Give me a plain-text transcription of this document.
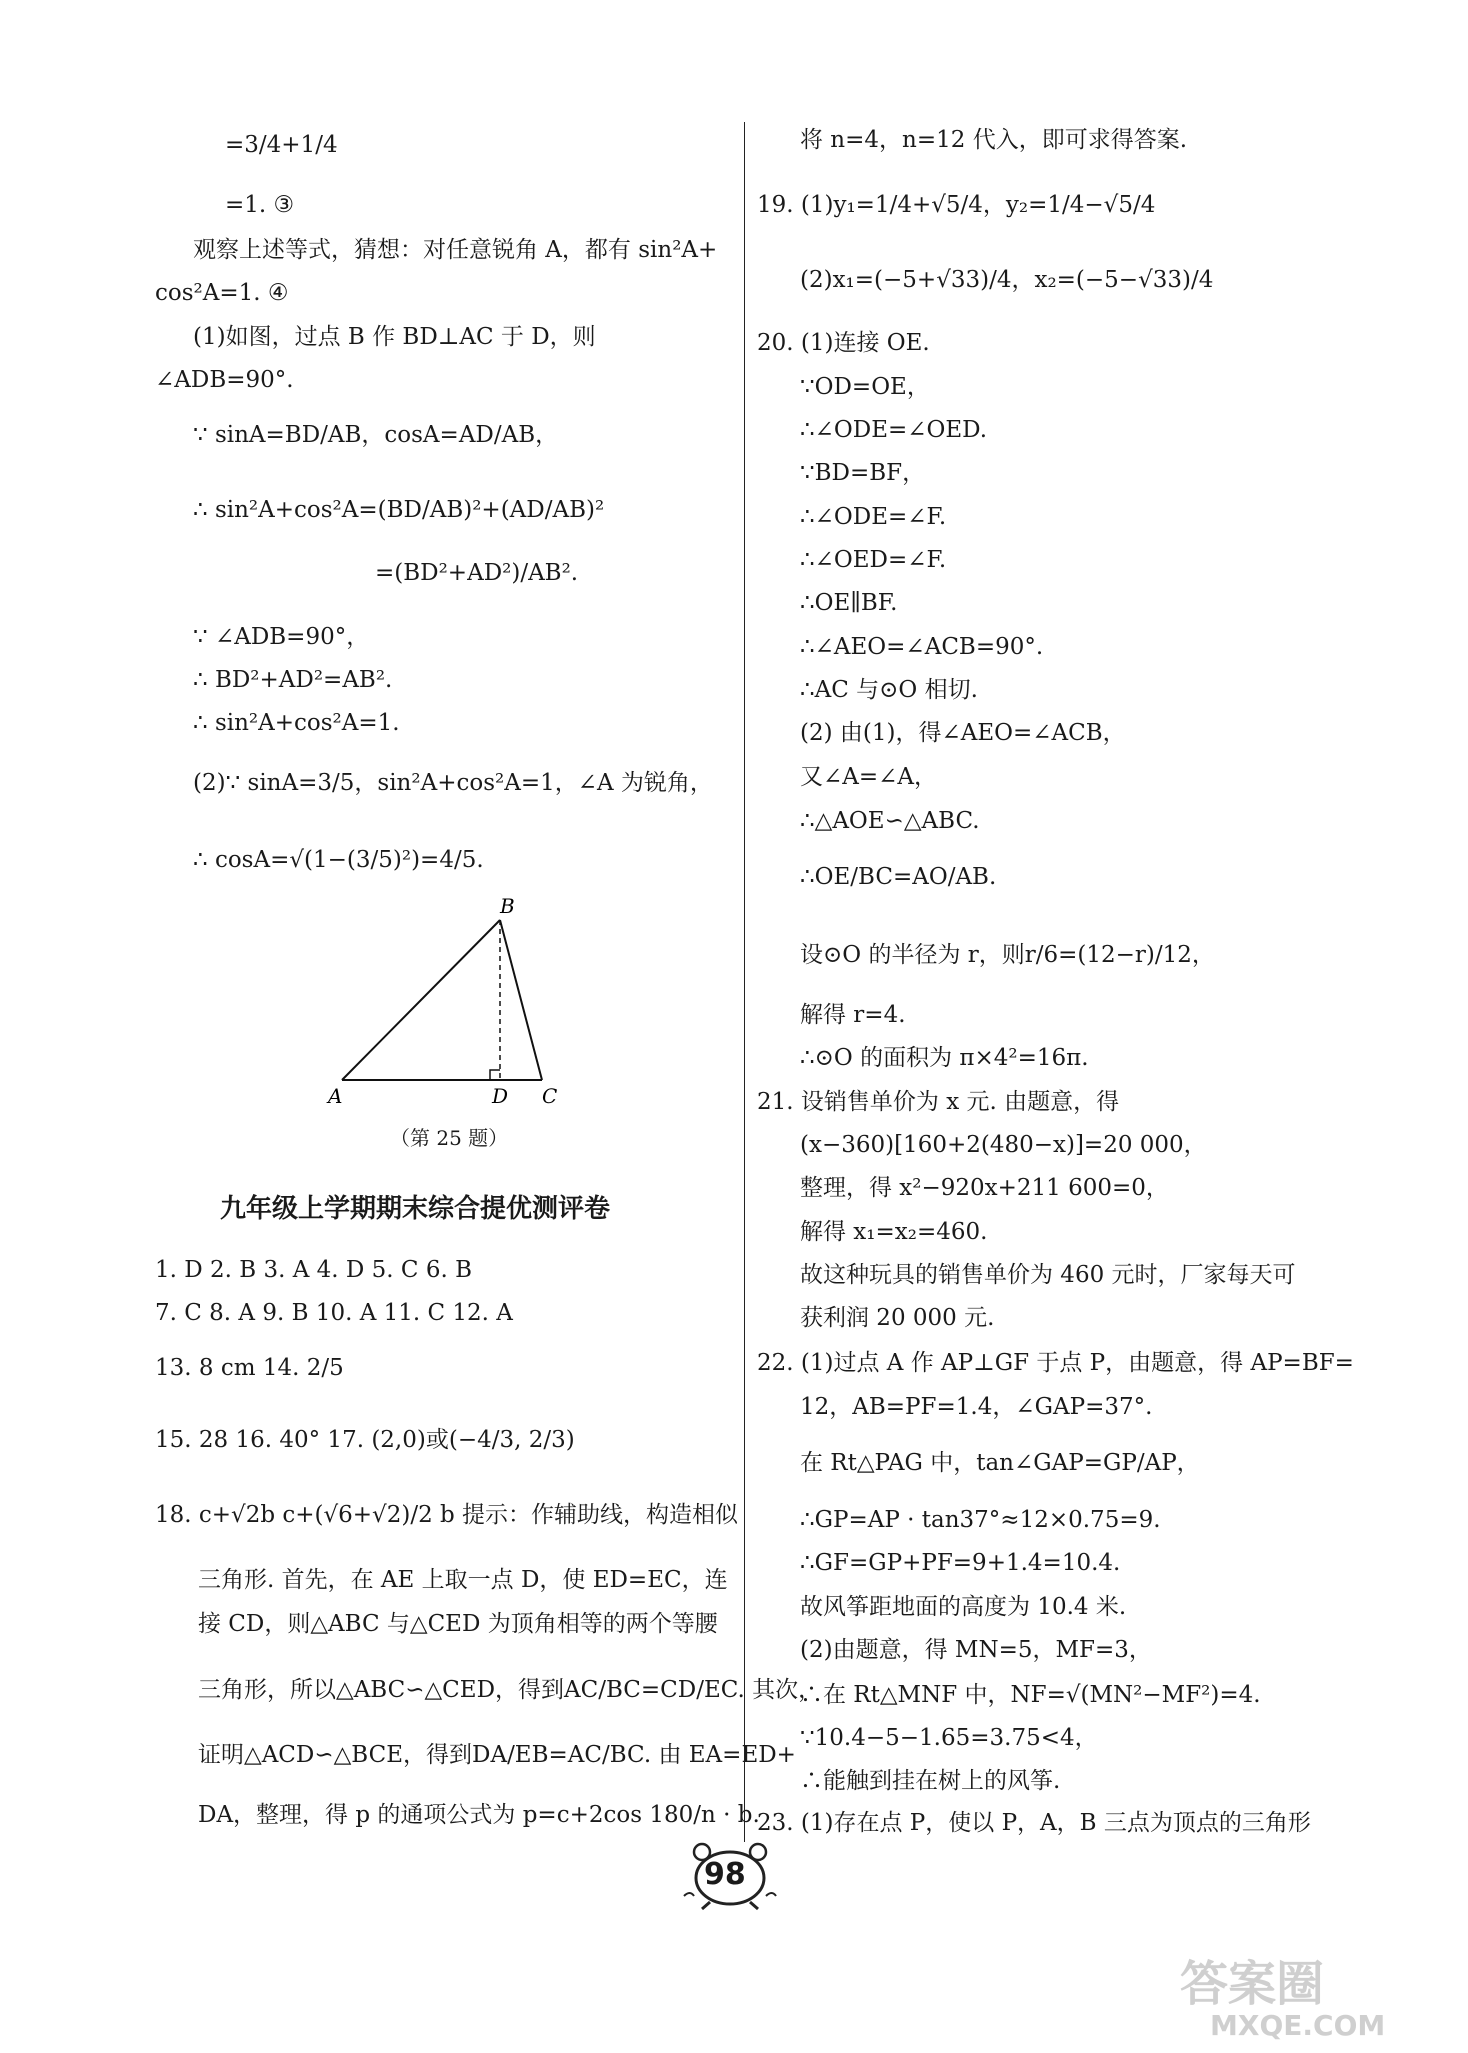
=3/4+1/4
=1. ③
观察上述等式，猜想：对任意锐角 A，都有 sin²A+
cos²A=1. ④
(1)如图，过点 B 作 BD⊥AC 于 D，则
∠ADB=90°.
∵ sinA=BD/AB，cosA=AD/AB，
∴ sin²A+cos²A=(BD/AB)²+(AD/AB)²
=(BD²+AD²)/AB².
∵ ∠ADB=90°，
∴ BD²+AD²=AB².
∴ sin²A+cos²A=1.
(2)∵ sinA=3/5，sin²A+cos²A=1，∠A 为锐角，
∴ cosA=√(1−(3/5)²)=4/5.
B
A	D C
（第 25 题）
九年级上学期期末综合提优测评卷
1. D 2. B 3. A 4. D 5. C 6. B
7. C 8. A 9. B 10. A 11. C 12. A
13. 8 cm 14. 2/5
15. 28 16. 40° 17. (2,0)或(−4/3, 2/3)
18. c+√2b c+(√6+√2)/2 b 提示：作辅助线，构造相似
三角形. 首先，在 AE 上取一点 D，使 ED=EC，连
接 CD，则△ABC 与△CED 为顶角相等的两个等腰
三角形，所以△ABC∽△CED，得到AC/BC=CD/EC. 其次，
证明△ACD∽△BCE，得到DA/EB=AC/BC. 由 EA=ED+
DA，整理，得 p 的通项公式为 p=c+2cos 180/n · b.
将 n=4，n=12 代入，即可求得答案.
19. (1)y₁=1/4+√5/4，y₂=1/4−√5/4
(2)x₁=(−5+√33)/4，x₂=(−5−√33)/4
20. (1)连接 OE.
∵OD=OE，
∴∠ODE=∠OED.
∵BD=BF，
∴∠ODE=∠F.
∴∠OED=∠F.
∴OE∥BF.
∴∠AEO=∠ACB=90°.
∴AC 与⊙O 相切.
(2) 由(1)，得∠AEO=∠ACB，
又∠A=∠A，
∴△AOE∽△ABC.
∴OE/BC=AO/AB.
设⊙O 的半径为 r，则r/6=(12−r)/12，
解得 r=4.
∴⊙O 的面积为 π×4²=16π.
21. 设销售单价为 x 元. 由题意，得
(x−360)[160+2(480−x)]=20 000，
整理，得 x²−920x+211 600=0，
解得 x₁=x₂=460.
故这种玩具的销售单价为 460 元时，厂家每天可
获利润 20 000 元.
22. (1)过点 A 作 AP⊥GF 于点 P，由题意，得 AP=BF=
12，AB=PF=1.4，∠GAP=37°.
在 Rt△PAG 中，tan∠GAP=GP/AP，
∴GP=AP · tan37°≈12×0.75=9.
∴GF=GP+PF=9+1.4=10.4.
故风筝距地面的高度为 10.4 米.
(2)由题意，得 MN=5，MF=3，
∴在 Rt△MNF 中，NF=√(MN²−MF²)=4.
∵10.4−5−1.65=3.75<4，
∴能触到挂在树上的风筝.
23. (1)存在点 P，使以 P，A，B 三点为顶点的三角形
98
答案圈
MXQE.COM
